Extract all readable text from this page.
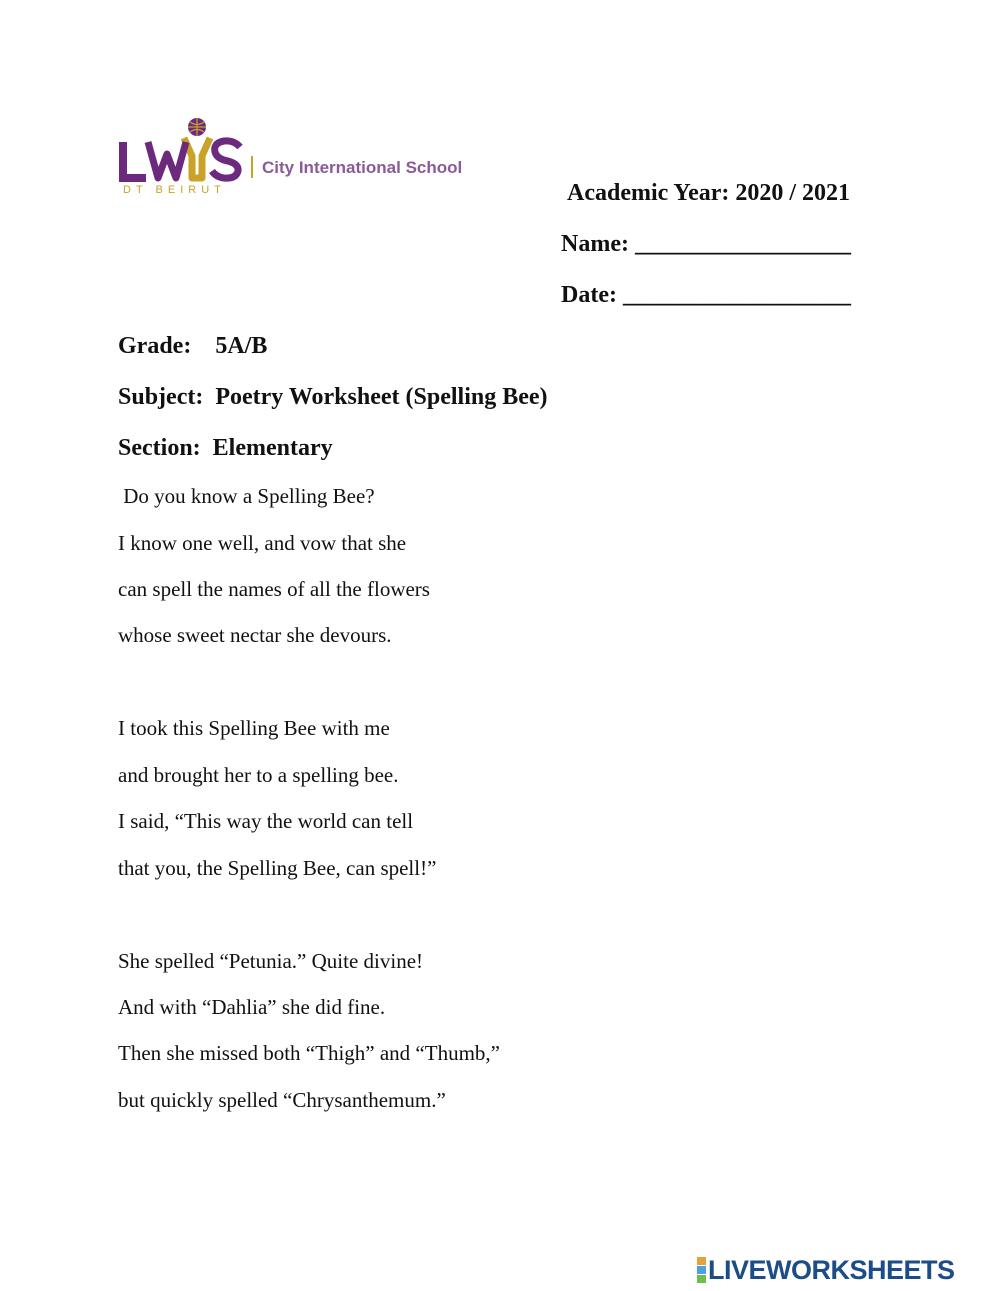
DT BEIRUT
City International School
Academic Year: 2020 / 2021
Name: __________________
Date: ___________________
Grade: 5A/B
Subject: Poetry Worksheet (Spelling Bee)
Section: Elementary
Do you know a Spelling Bee?
I know one well, and vow that she
can spell the names of all the flowers
whose sweet nectar she devours.
I took this Spelling Bee with me
and brought her to a spelling bee.
I said, “This way the world can tell
that you, the Spelling Bee, can spell!”
She spelled “Petunia.” Quite divine!
And with “Dahlia” she did fine.
Then she missed both “Thigh” and “Thumb,”
but quickly spelled “Chrysanthemum.”
LIVEWORKSHEETS
